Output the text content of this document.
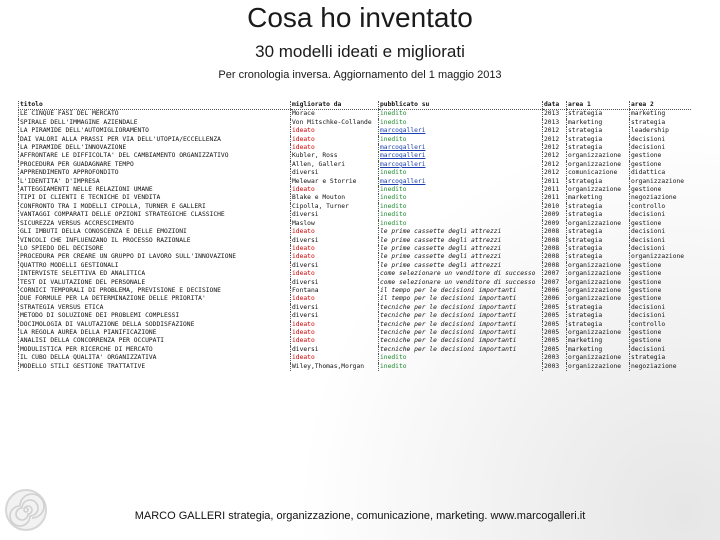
Cosa ho inventato
30 modelli ideati e migliorati
Per cronologia inversa. Aggiornamento del 1 maggio 2013
titolo	migliorato da	pubblicato su	data	area 1	area 2
LE CINQUE FASI DEL MERCATO	Morace	inedito	2013	strategia	marketing
SPIRALE DELL'IMMAGINE AZIENDALE	Von Mitschke-Collande	inedito	2013	marketing	strategia
LA PIRAMIDE DELL'AUTOMIGLIORAMENTO	ideato	marcogalleri	2012	strategia	leadership
DAI VALORI ALLA PRASSI PER VIA DELL'UTOPIA/ECCELLENZA	ideato	inedito	2012	strategia	decisioni
LA PIRAMIDE DELL'INNOVAZIONE	ideato	marcogalleri	2012	strategia	decisioni
AFFRONTARE LE DIFFICOLTA' DEL CAMBIAMENTO ORGANIZZATIVO	Kubler, Ross	marcogalleri	2012	organizzazione	gestione
PROCEDURA PER GUADAGNARE TEMPO	Allen, Galleri	marcogalleri	2012	organizzazione	gestione
APPRENDIMENTO APPROFONDITO	diversi	inedito	2012	comunicazione	didattica
L'IDENTITA' D'IMPRESA	Melewar e Storrie	marcogalleri	2011	strategia	organizzazione
ATTEGGIAMENTI NELLE RELAZIONI UMANE	ideato	inedito	2011	organizzazione	gestione
TIPI DI CLIENTI E TECNICHE DI VENDITA	Blake e Mouton	inedito	2011	marketing	negoziazione
CONFRONTO TRA I MODELLI CIPOLLA, TURNER E GALLERI	Cipolla, Turner	inedito	2010	strategia	controllo
VANTAGGI COMPARATI DELLE OPZIONI STRATEGICHE CLASSICHE	diversi	inedito	2009	strategia	decisioni
SICUREZZA VERSUS ACCRESCIMENTO	Maslow	inedito	2009	organizzazione	gestione
GLI IMBUTI DELLA CONOSCENZA E DELLE EMOZIONI	ideato	le prime cassette degli attrezzi	2008	strategia	decisioni
VINCOLI CHE INFLUENZANO IL PROCESSO RAZIONALE	diversi	le prime cassette degli attrezzi	2008	strategia	decisioni
LO SPIEDO DEL DECISORE	ideato	le prime cassette degli attrezzi	2008	strategia	decisioni
PROCEDURA PER CREARE UN GRUPPO DI LAVORO SULL'INNOVAZIONE	ideato	le prime cassette degli attrezzi	2008	strategia	organizzazione
QUATTRO MODELLI GESTIONALI	diversi	le prime cassette degli attrezzi	2008	organizzazione	gestione
INTERVISTE SELETTIVA ED ANALITICA	ideato	come selezionare un venditore di successo	2007	organizzazione	gestione
TEST DI VALUTAZIONE DEL PERSONALE	diversi	come selezionare un venditore di successo	2007	organizzazione	gestione
CORNICI TEMPORALI DI PROBLEMA, PREVISIONE E DECISIONE	Fontana	il tempo per le decisioni importanti	2006	organizzazione	gestione
DUE FORMULE PER LA DETERMINAZIONE DELLE PRIORITA'	ideato	il tempo per le decisioni importanti	2006	organizzazione	gestione
STRATEGIA VERSUS ETICA	diversi	tecniche per le decisioni importanti	2005	strategia	decisioni
METODO DI SOLUZIONE DEI PROBLEMI COMPLESSI	diversi	tecniche per le decisioni importanti	2005	strategia	decisioni
DOCIMOLOGIA DI VALUTAZIONE DELLA SODDISFAZIONE	ideato	tecniche per le decisioni importanti	2005	strategia	controllo
LA REGOLA AUREA DELLA PIANIFICAZIONE	ideato	tecniche per le decisioni importanti	2005	organizzazione	gestione
ANALISI DELLA CONCORRENZA PER OCCUPATI	ideato	tecniche per le decisioni importanti	2005	marketing	gestione
MODULISTICA PER RICERCHE DI MERCATO	diversi	tecniche per le decisioni importanti	2005	marketing	decisioni
IL CUBO DELLA QUALITA' ORGANIZZATIVA	ideato	inedito	2003	organizzazione	strategia
MODELLO STILI GESTIONE TRATTATIVE	Wiley,Thomas,Morgan	inedito	2003	organizzazione	negoziazione
MARCO GALLERI strategia, organizzazione, comunicazione, marketing. www.marcogalleri.it
